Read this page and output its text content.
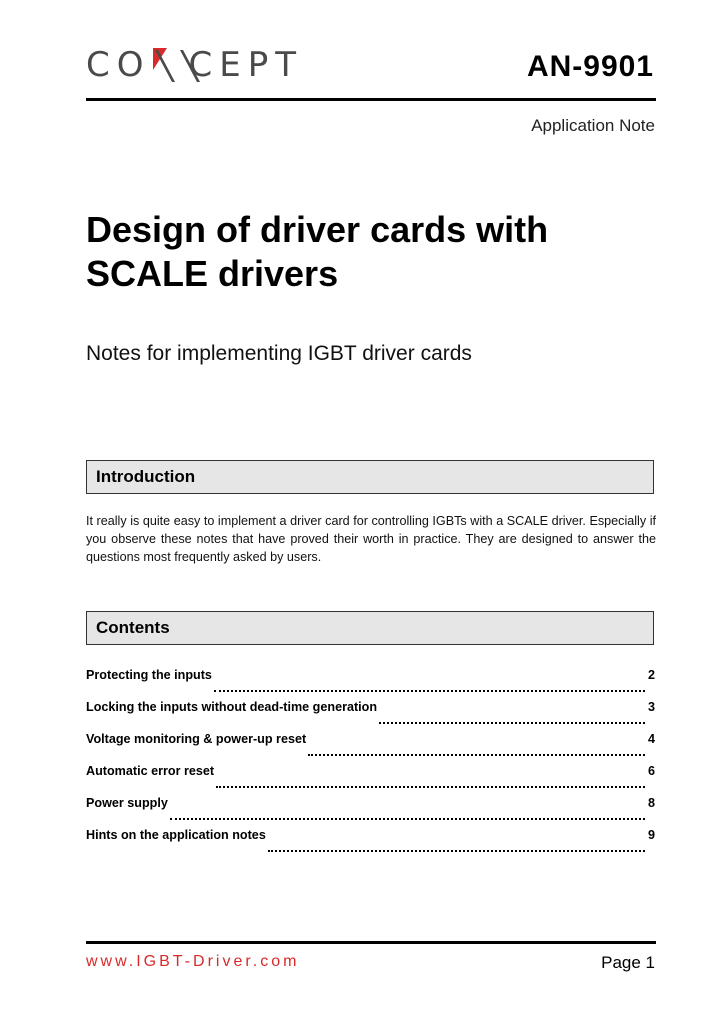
CO CEPT	AN-9901
Application Note
Design of driver cards with SCALE drivers
Notes for implementing IGBT driver cards
Introduction

It really is quite easy to implement a driver card for controlling IGBTs with a SCALE driver. Especially if you observe these notes that have proved their worth in practice. They are designed to answer the questions most frequently asked by users.

Contents
Protecting the inputs	2
Locking the inputs without dead-time generation	3
Voltage monitoring & power-up reset	4
Automatic error reset	6
Power supply	8
Hints on the application notes	9
www.IGBT-Driver.com	Page 1
